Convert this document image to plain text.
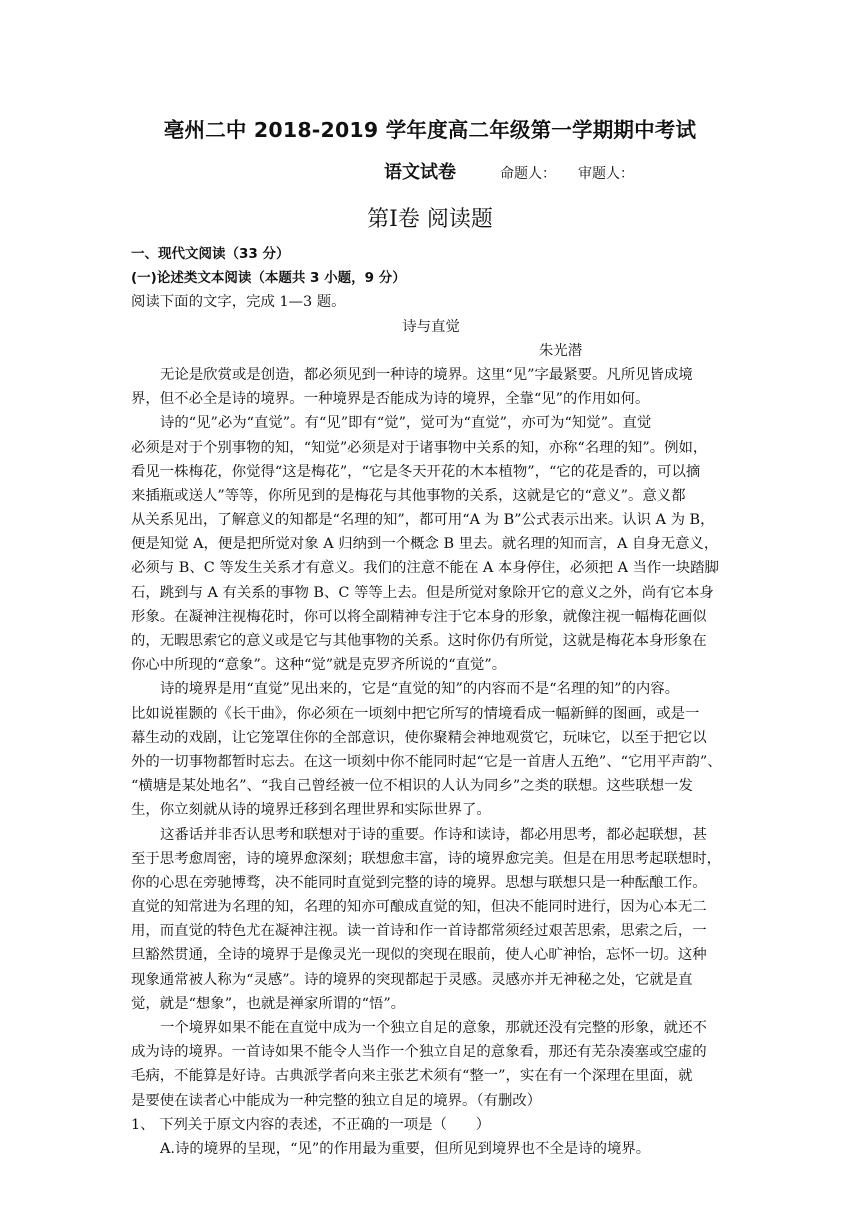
亳州二中 2018-2019 学年度高二年级第一学期期中考试
语文试卷	命题人： 审题人：
第Ⅰ卷 阅读题
一、现代文阅读（33 分）
(一)论述类文本阅读（本题共 3 小题，9 分）
阅读下面的文字，完成 1—3 题。
诗与直觉
朱光潜
无论是欣赏或是创造，都必须见到一种诗的境界。这里“见”字最紧要。凡所见皆成境
界，但不必全是诗的境界。一种境界是否能成为诗的境界，全靠“见”的作用如何。
诗的“见”必为“直觉”。有“见”即有“觉”，觉可为“直觉”，亦可为“知觉”。直觉
必须是对于个别事物的知，“知觉”必须是对于诸事物中关系的知，亦称“名理的知”。例如，
看见一株梅花，你觉得“这是梅花”，“它是冬天开花的木本植物”，“它的花是香的，可以摘
来插瓶或送人”等等，你所见到的是梅花与其他事物的关系，这就是它的“意义”。意义都
从关系见出，了解意义的知都是“名理的知”，都可用“A 为 B”公式表示出来。认识 A 为 B，
便是知觉 A，便是把所觉对象 A 归纳到一个概念 B 里去。就名理的知而言，A 自身无意义，
必须与 B、C 等发生关系才有意义。我们的注意不能在 A 本身停住，必须把 A 当作一块踏脚
石，跳到与 A 有关系的事物 B、C 等等上去。但是所觉对象除开它的意义之外，尚有它本身
形象。在凝神注视梅花时，你可以将全副精神专注于它本身的形象，就像注视一幅梅花画似
的，无暇思索它的意义或是它与其他事物的关系。这时你仍有所觉，这就是梅花本身形象在
你心中所现的“意象”。这种“觉”就是克罗齐所说的“直觉”。
诗的境界是用“直觉”见出来的，它是“直觉的知”的内容而不是“名理的知”的内容。
比如说崔颢的《长干曲》，你必须在一顷刻中把它所写的情境看成一幅新鲜的图画，或是一
幕生动的戏剧，让它笼罩住你的全部意识，使你聚精会神地观赏它，玩味它，以至于把它以
外的一切事物都暂时忘去。在这一顷刻中你不能同时起“它是一首唐人五绝”、“它用平声韵”、
“横塘是某处地名”、“我自己曾经被一位不相识的人认为同乡”之类的联想。这些联想一发
生，你立刻就从诗的境界迁移到名理世界和实际世界了。
这番话并非否认思考和联想对于诗的重要。作诗和读诗，都必用思考，都必起联想，甚
至于思考愈周密，诗的境界愈深刻；联想愈丰富，诗的境界愈完美。但是在用思考起联想时，
你的心思在旁驰博骛，决不能同时直觉到完整的诗的境界。思想与联想只是一种酝酿工作。
直觉的知常进为名理的知，名理的知亦可酿成直觉的知，但决不能同时进行，因为心本无二
用，而直觉的特色尤在凝神注视。读一首诗和作一首诗都常须经过艰苦思索，思索之后，一
旦豁然贯通，全诗的境界于是像灵光一现似的突现在眼前，使人心旷神怡，忘怀一切。这种
现象通常被人称为“灵感”。诗的境界的突现都起于灵感。灵感亦并无神秘之处，它就是直
觉，就是“想象”，也就是禅家所谓的“悟”。
一个境界如果不能在直觉中成为一个独立自足的意象，那就还没有完整的形象，就还不
成为诗的境界。一首诗如果不能令人当作一个独立自足的意象看，那还有芜杂凑塞或空虚的
毛病，不能算是好诗。古典派学者向来主张艺术须有“整一”，实在有一个深理在里面，就
是要使在读者心中能成为一种完整的独立自足的境界。（有删改）
1、 下列关于原文内容的表述，不正确的一项是（　　）
A.诗的境界的呈现，“见”的作用最为重要，但所见到境界也不全是诗的境界。
